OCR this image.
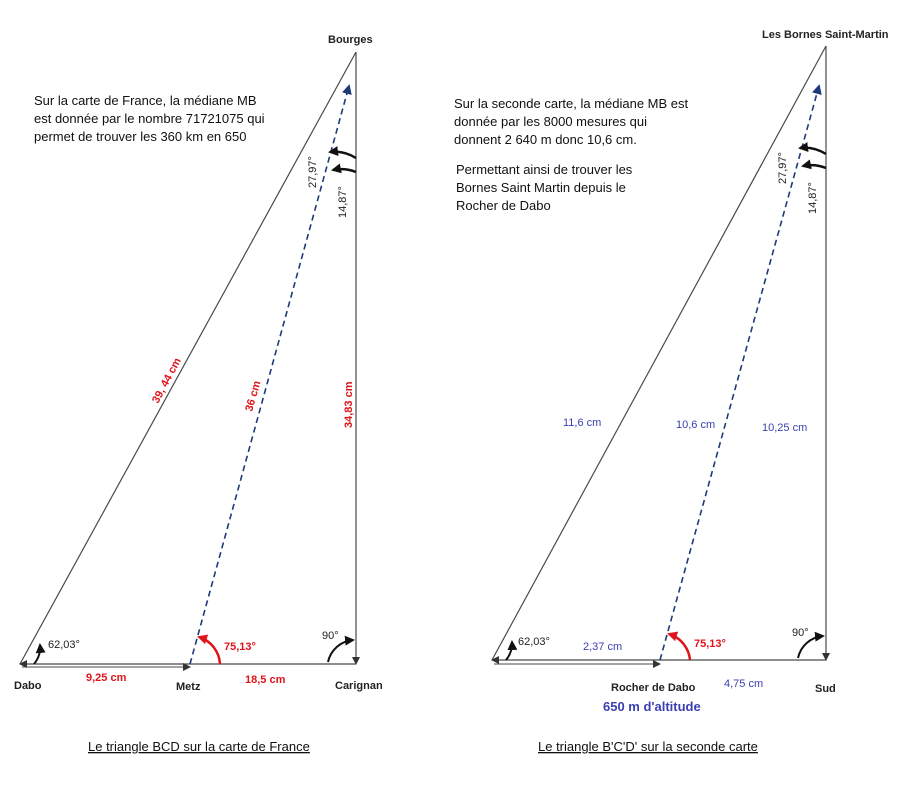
Bourges
Dabo	Metz	Carignan
Sur la carte de France, la médiane MB
est donnée par le nombre 71721075 qui
permet de trouver les 360 km en 650
62,03°	75,13°
90°
27,97°
14,87°
39, 44 cm	36 cm	34,83 cm
9,25 cm	18,5 cm
Le triangle BCD sur la carte de France
Les Bornes Saint-Martin
Rocher de Dabo	Sud
650 m d'altitude
Sur la seconde carte, la médiane MB est
donnée par les 8000 mesures qui
donnent 2 640 m donc 10,6 cm.
Permettant ainsi de trouver les
Bornes Saint Martin depuis le
Rocher de Dabo
62,03°	75,13°
90°
27,97°
14,87°
11,6 cm	10,6 cm	10,25 cm
2,37 cm
4,75 cm
Le triangle B'C'D' sur la seconde carte
